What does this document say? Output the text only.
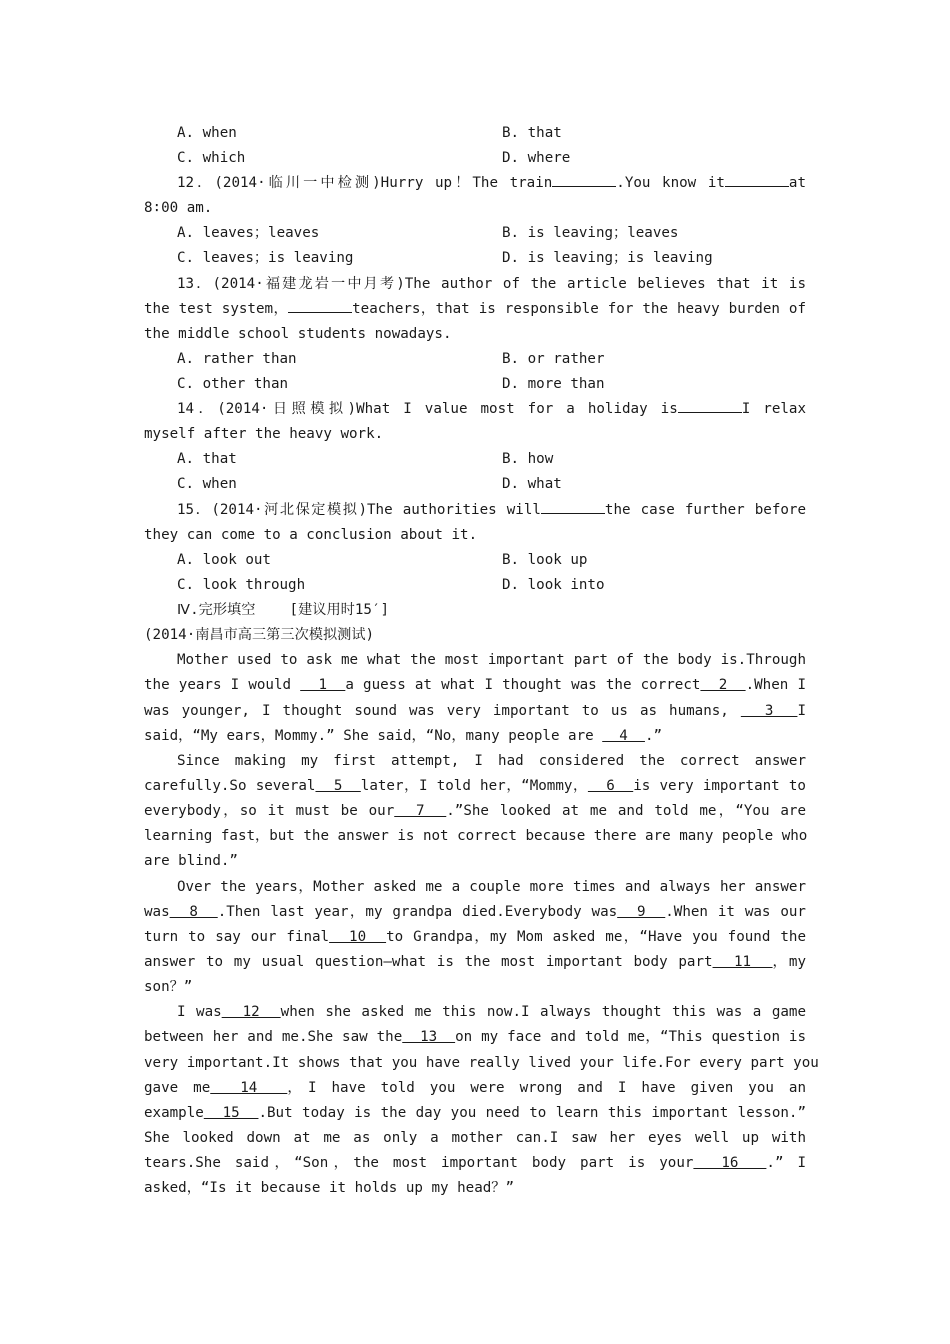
A. when	B. that
C. which	D. where
12．(2014·临川一中检测)Hurry up！The train	.You know it	at
8∶00 am.
A. leaves；leaves	B. is leaving；leaves
C. leaves；is leaving	D. is leaving；is leaving
13．(2014·福建龙岩一中月考)The author of the article believes that it is
the test system，	teachers，that is responsible for the heavy burden of
the middle school students nowadays.
A. rather than	B. or rather
C. other than	D. more than
14．(2014·日照模拟)What I value most for a holiday is	I relax
myself after the heavy work.
A. that	B. how
C. when	D. what
15．(2014·河北保定模拟)The authorities will	the case further before
they can come to a conclusion about it.
A. look out	B. look up
C. look through	D. look into
Ⅳ.完形填空    [建议用时15′]
(2014·南昌市高三第三次模拟测试)
Mother used to ask me what the most important part of the body is.Through
the years I would   1  a guess at what I thought was the correct  2  .When I
was younger, I thought sound was very important to us as humans,   3  I
said，“My ears，Mommy.” She said，“No，many people are   4  .”
Since making my first attempt, I had considered the correct answer
carefully.So several  5  later，I told her，“Mommy，  6  is very important to
everybody，so it must be our  7  .”She looked at me and told me，“You are
learning fast，but the answer is not correct because there are many people who
are blind.”
Over the years，Mother asked me a couple more times and always her answer
was  8  .Then last year，my grandpa died.Everybody was  9  .When it was our
turn to say our final  10  to Grandpa，my Mom asked me，“Have you found the
answer to my usual question—what is the most important body part  11  ，my
son？”
I was  12  when she asked me this now.I always thought this was a game
between her and me.She saw the  13  on my face and told me，“This question is
very important.It shows that you have really lived your life.For every part you
gave me  14  ，I have told you were wrong and I have given you an
example  15  .But today is the day you need to learn this important lesson.”
She looked down at me as only a mother can.I saw her eyes well up with
tears.She said，“Son，the most important body part is your  16  .” I
asked，“Is it because it holds up my head？”
